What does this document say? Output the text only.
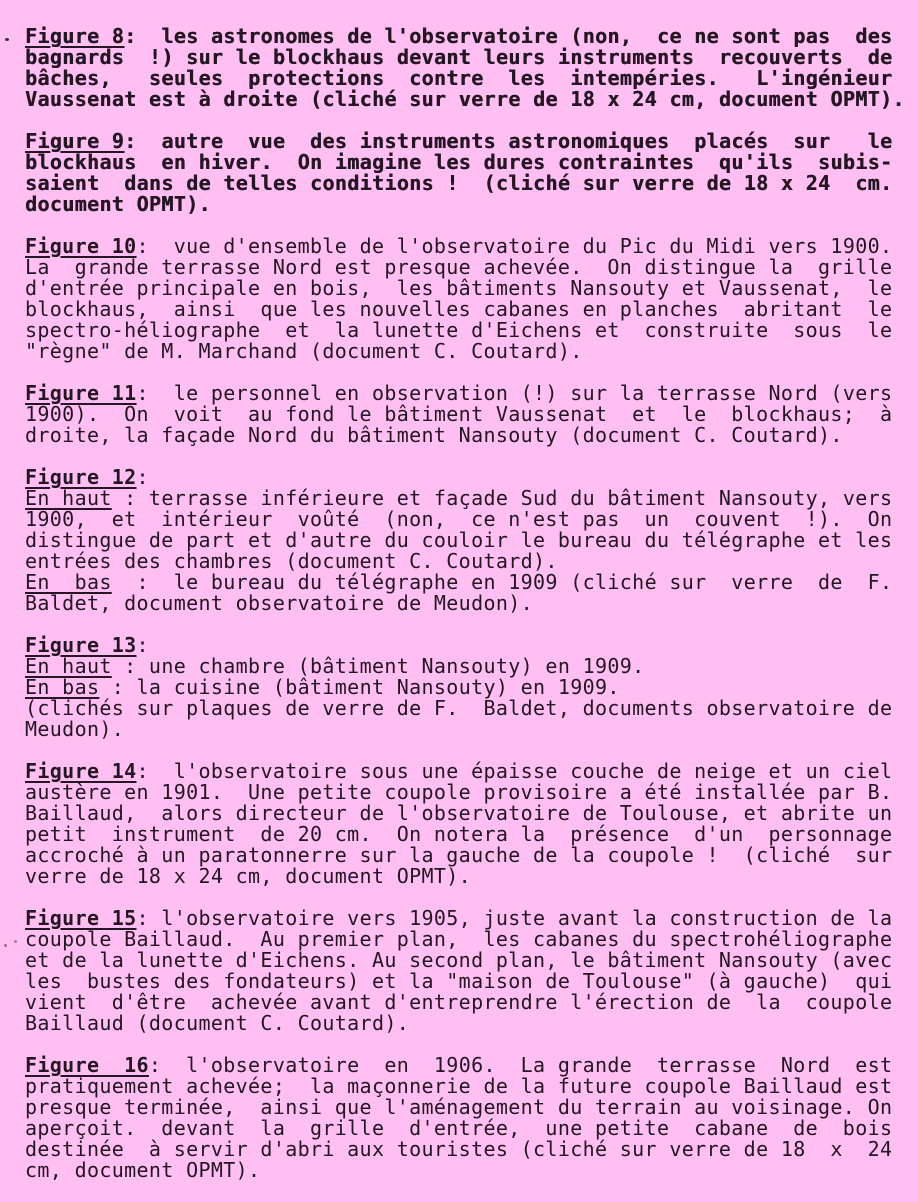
Figure 8:  les astronomes de l'observatoire (non,  ce ne sont pas  des
bagnards  !) sur le blockhaus devant leurs instruments  recouverts  de
bâches,   seules  protections  contre  les  intempéries.   L'ingénieur
Vaussenat est à droite (cliché sur verre de 18 x 24 cm, document OPMT).
Figure 9:  autre  vue  des instruments astronomiques  placés  sur   le
blockhaus  en hiver.  On imagine les dures contraintes  qu'ils  subis-
saient  dans de telles conditions !  (cliché sur verre de 18 x 24  cm.
document OPMT).
Figure 10:  vue d'ensemble de l'observatoire du Pic du Midi vers 1900.
La  grande terrasse Nord est presque achevée.  On distingue la  grille
d'entrée principale en bois,  les bâtiments Nansouty et Vaussenat,  le
blockhaus,  ainsi  que les nouvelles cabanes en planches  abritant  le
spectro-héliographe  et  la lunette d'Eichens et  construite  sous  le
"règne" de M. Marchand (document C. Coutard).
Figure 11:  le personnel en observation (!) sur la terrasse Nord (vers
1900).  On  voit  au fond le bâtiment Vaussenat  et  le  blockhaus;  à
droite, la façade Nord du bâtiment Nansouty (document C. Coutard).
Figure 12:
En haut : terrasse inférieure et façade Sud du bâtiment Nansouty, vers
1900,  et  intérieur  voûté  (non,  ce n'est pas  un  couvent  !).  On
distingue de part et d'autre du couloir le bureau du télégraphe et les
entrées des chambres (document C. Coutard).
En  bas  :  le bureau du télégraphe en 1909 (cliché sur  verre  de  F.
Baldet, document observatoire de Meudon).
Figure 13:
En haut : une chambre (bâtiment Nansouty) en 1909.
En bas : la cuisine (bâtiment Nansouty) en 1909.
(clichés sur plaques de verre de F.  Baldet, documents observatoire de
Meudon).
Figure 14:  l'observatoire sous une épaisse couche de neige et un ciel
austère en 1901.  Une petite coupole provisoire a été installée par B.
Baillaud,  alors directeur de l'observatoire de Toulouse, et abrite un
petit  instrument  de 20 cm.  On notera la  présence  d'un  personnage
accroché à un paratonnerre sur la gauche de la coupole !  (cliché  sur
verre de 18 x 24 cm, document OPMT).
Figure 15: l'observatoire vers 1905, juste avant la construction de la
coupole Baillaud.  Au premier plan,  les cabanes du spectrohéliographe
et de la lunette d'Eichens. Au second plan, le bâtiment Nansouty (avec
les  bustes des fondateurs) et la "maison de Toulouse" (à gauche)  qui
vient  d'être  achevée avant d'entreprendre l'érection de  la  coupole
Baillaud (document C. Coutard).
Figure  16:  l'observatoire  en  1906.  La grande  terrasse  Nord  est
pratiquement achevée;  la maçonnerie de la future coupole Baillaud est
presque terminée,  ainsi que l'aménagement du terrain au voisinage. On
aperçoit.  devant  la  grille  d'entrée,  une petite  cabane  de  bois
destinée  à servir d'abri aux touristes (cliché sur verre de 18  x  24
cm, document OPMT).
